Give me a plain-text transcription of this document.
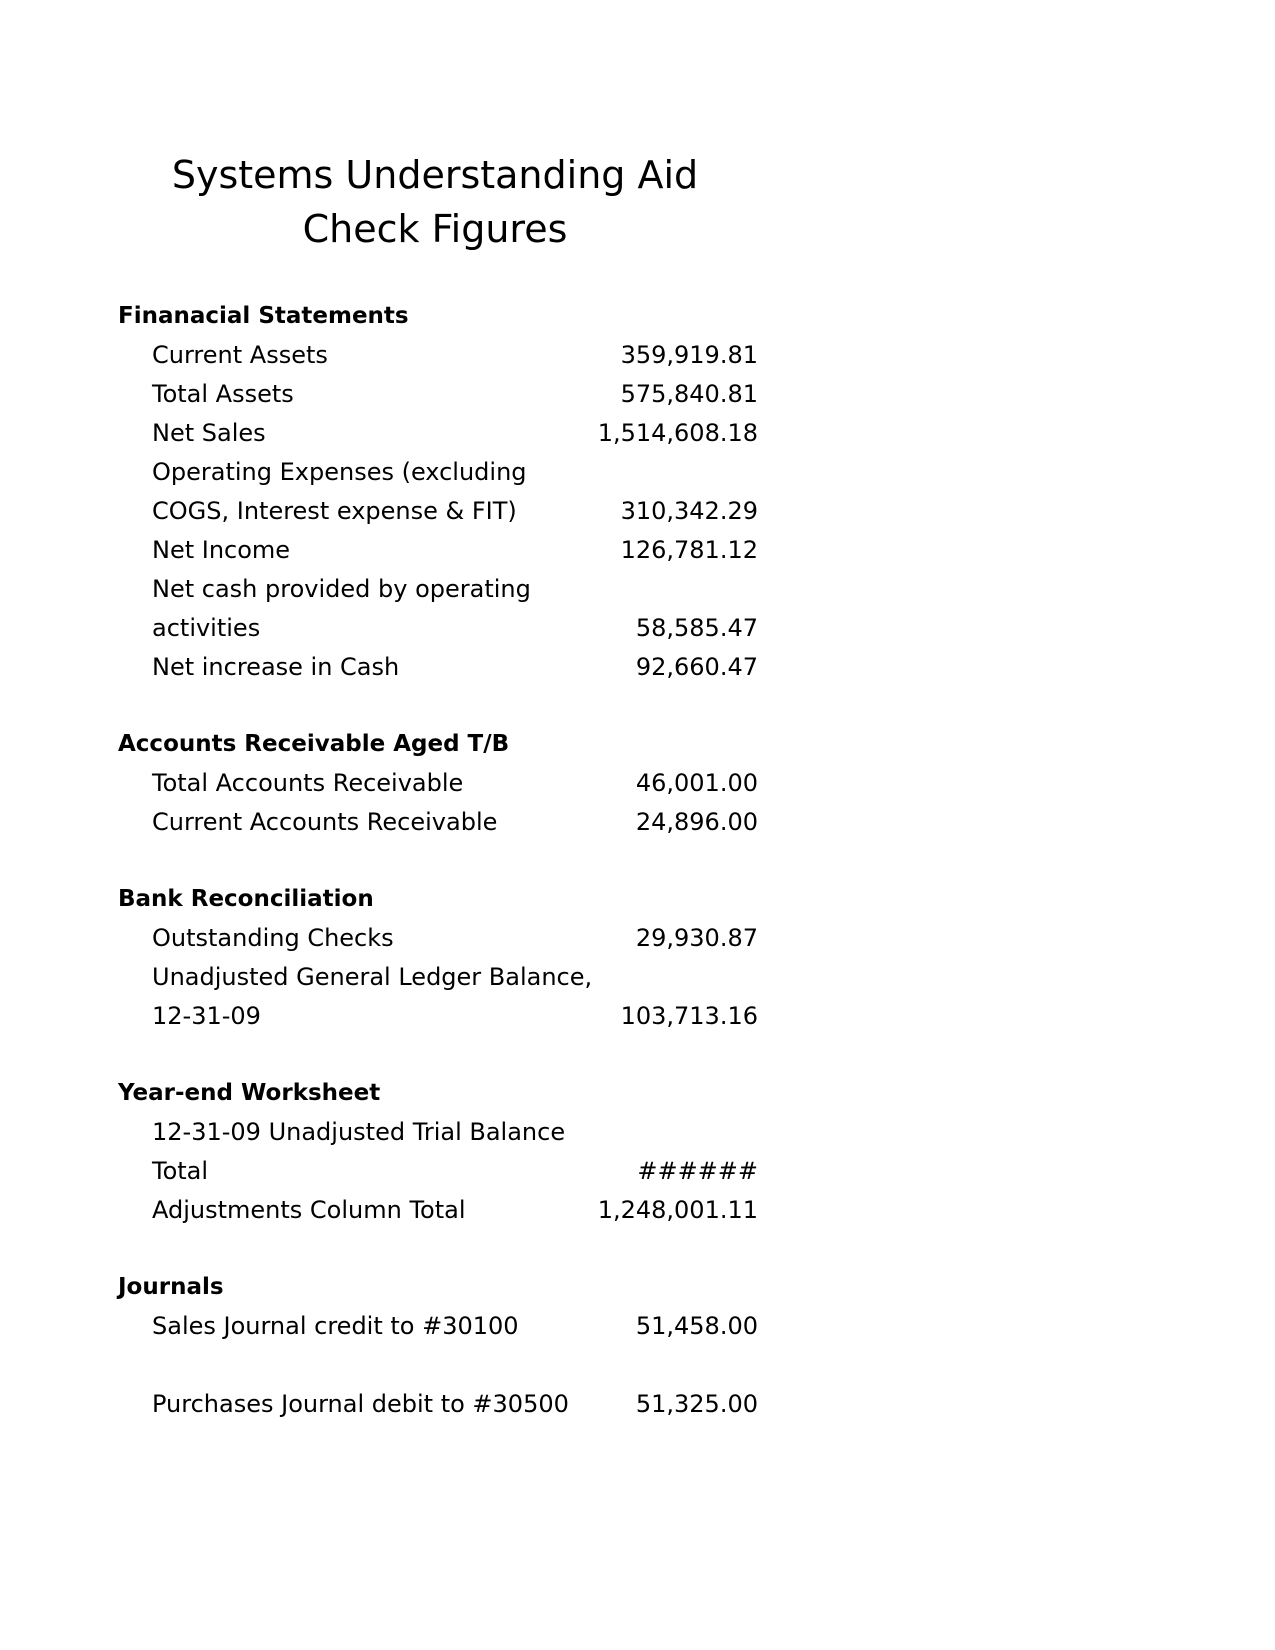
Systems Understanding Aid
Check Figures
Finanacial Statements
Current Assets	359,919.81
Total Assets	575,840.81
Net Sales	1,514,608.18
Operating Expenses (excluding
COGS, Interest expense & FIT)	310,342.29
Net Income	126,781.12
Net cash provided by operating
activities	58,585.47
Net increase in Cash	92,660.47
Accounts Receivable Aged T/B
Total Accounts Receivable	46,001.00
Current Accounts Receivable	24,896.00
Bank Reconciliation
Outstanding Checks	29,930.87
Unadjusted General Ledger Balance,
12-31-09	103,713.16
Year-end Worksheet
12-31-09 Unadjusted Trial Balance
Total	######
Adjustments Column Total	1,248,001.11
Journals
Sales Journal credit to #30100	51,458.00
Purchases Journal debit to #30500	51,325.00
